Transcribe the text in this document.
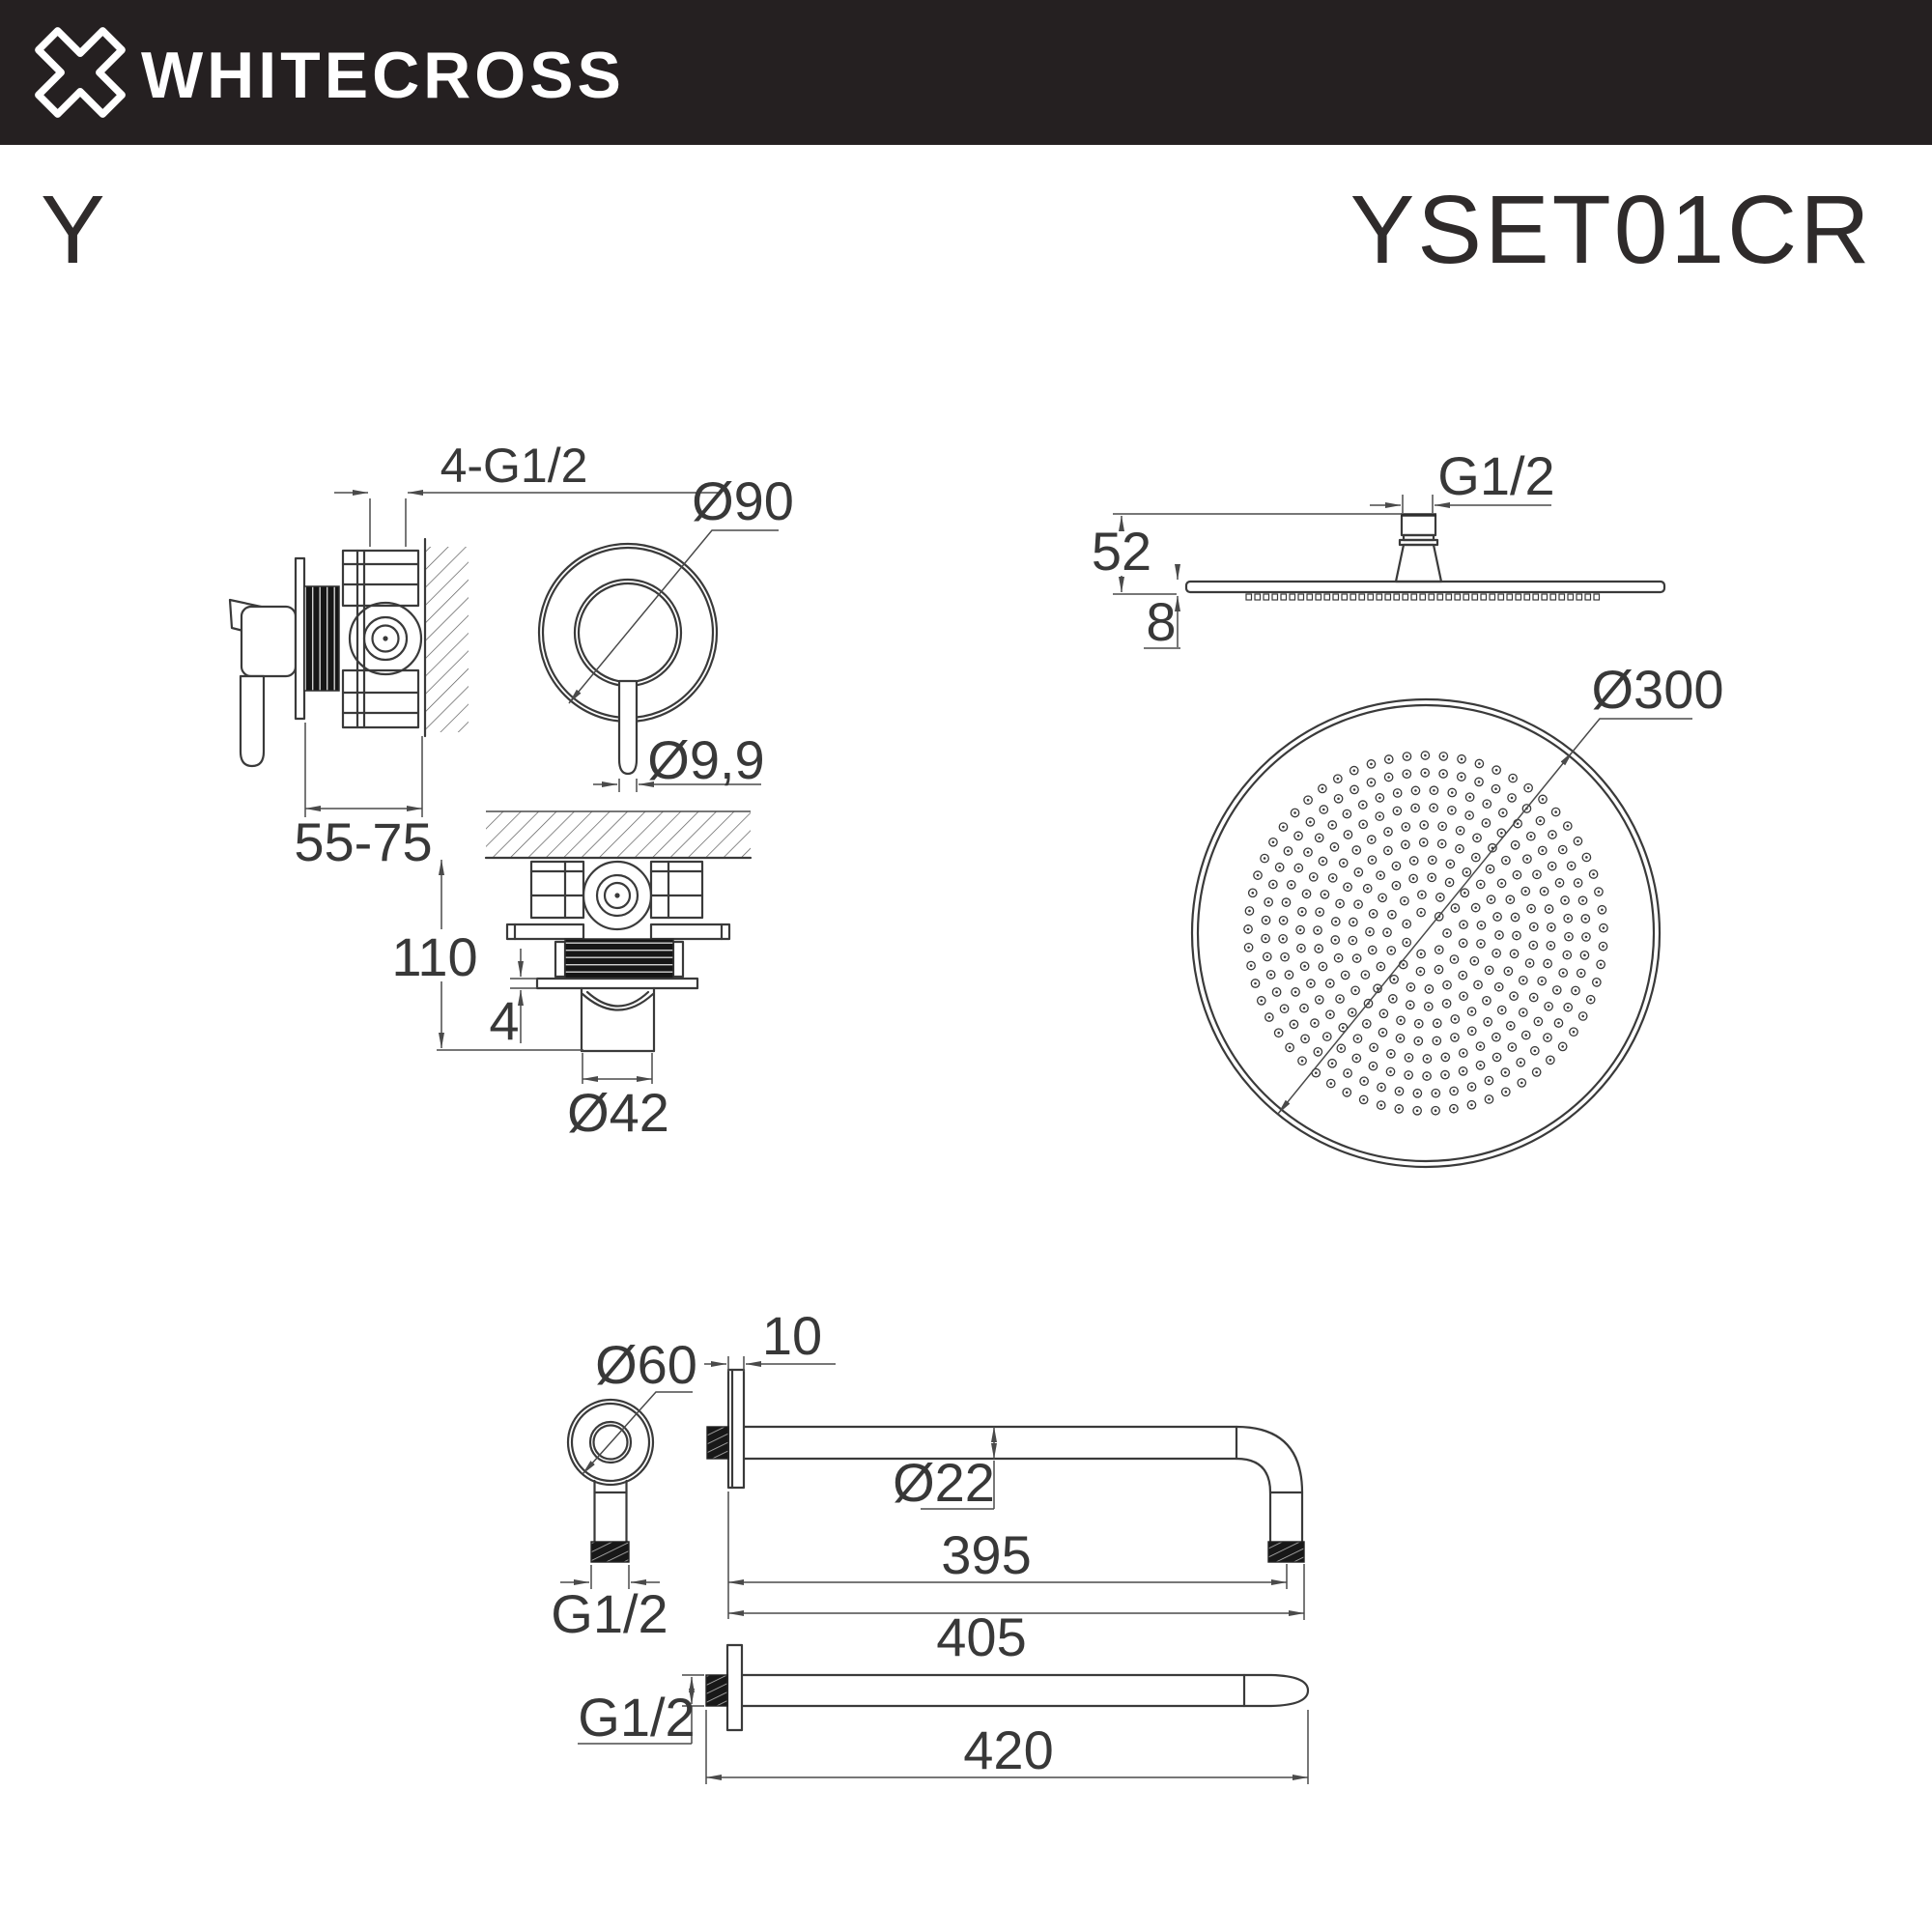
WHITECROSS
Y	YSET01CR
4-G1/2
55-75
Ø90
Ø9,9
110
4
Ø42
G1/2
52
8
Ø300
Ø60
G1/2
10
Ø22
395
405
G1/2
420
